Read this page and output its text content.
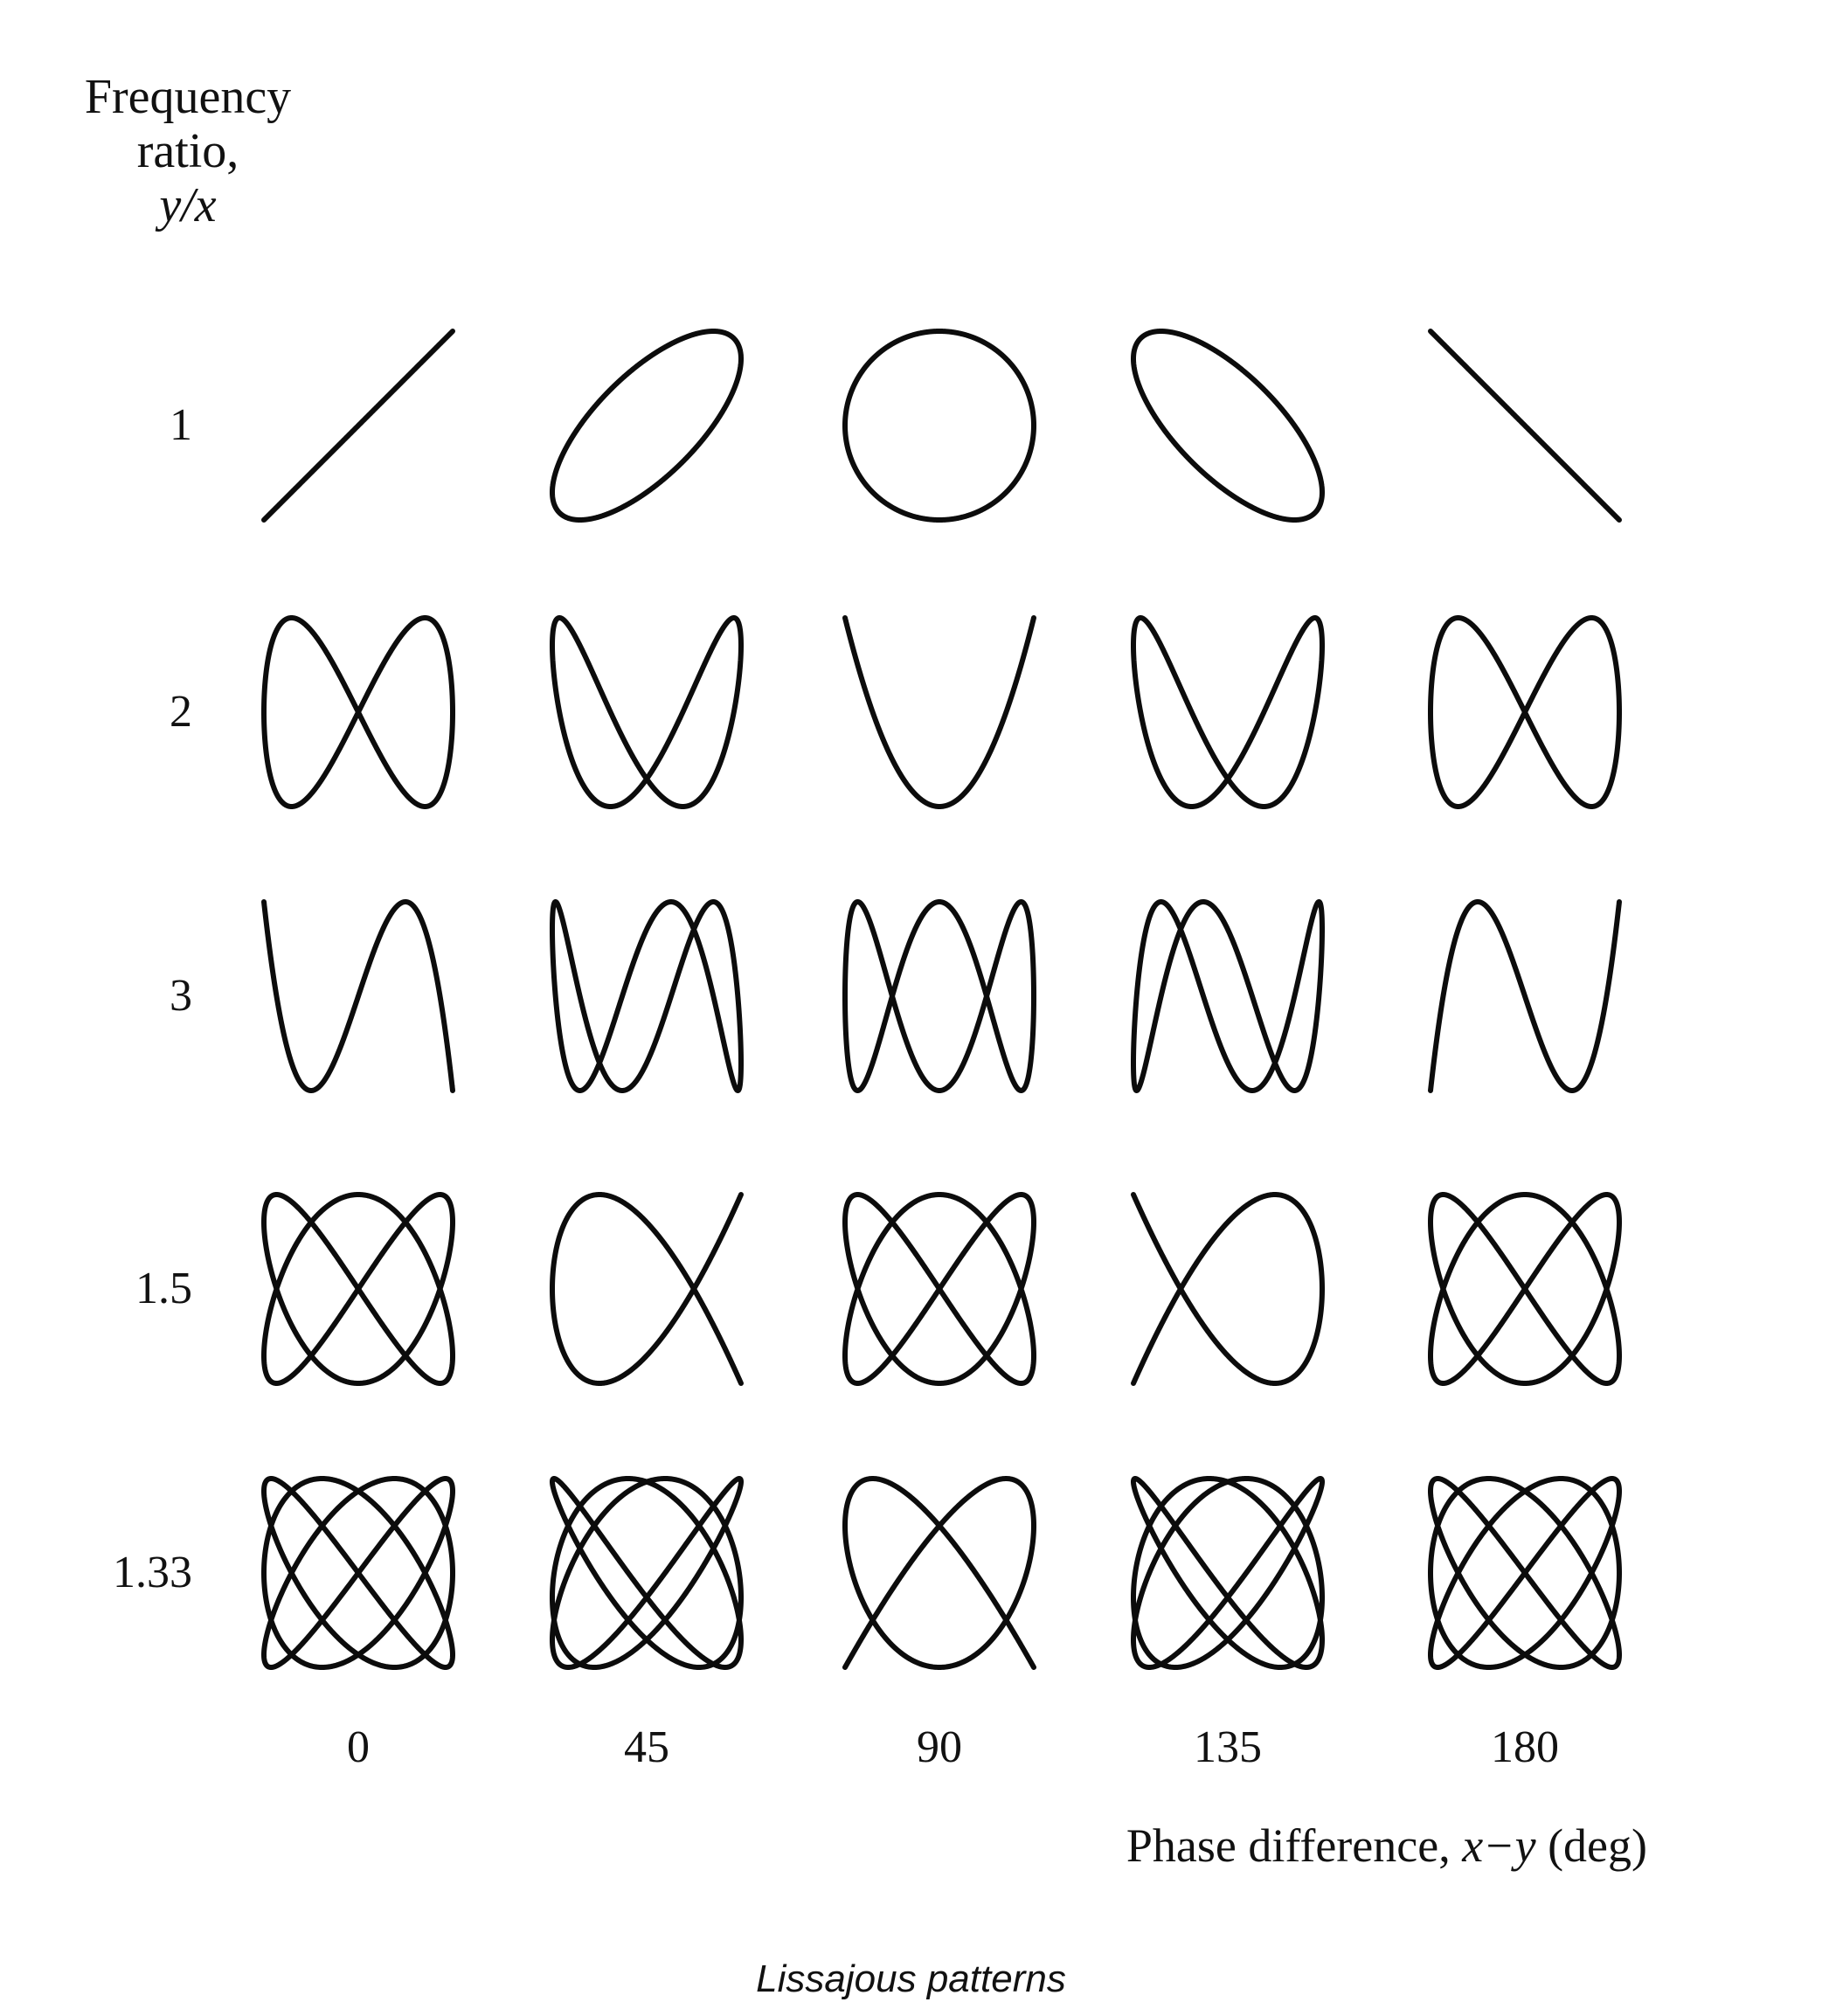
Frequency
ratio,
y/x
1
2
3
1.5
1.33
0	45	90	135	180
Phase difference, x−y (deg)
Lissajous patterns
